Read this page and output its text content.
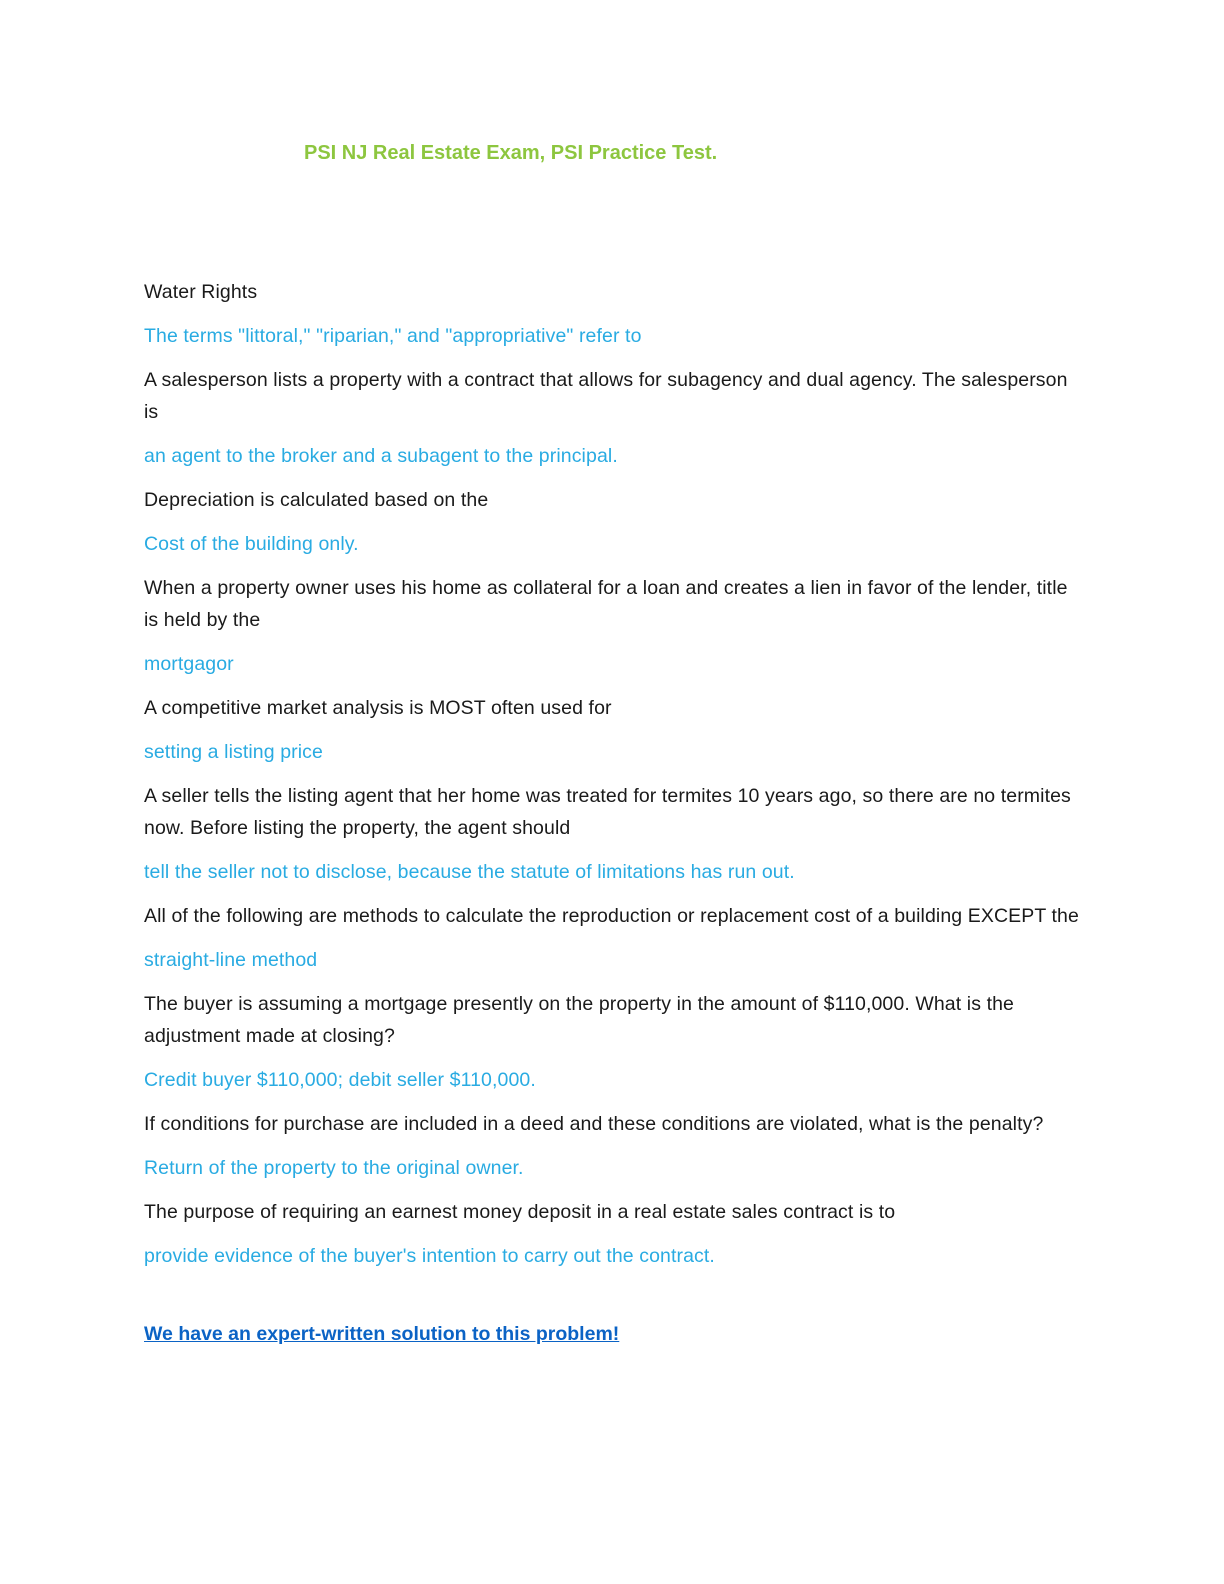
PSI NJ Real Estate Exam, PSI Practice Test.

Water Rights

The terms "littoral," "riparian," and "appropriative" refer to

A salesperson lists a property with a contract that allows for subagency and dual agency. The salesperson is

an agent to the broker and a subagent to the principal.

Depreciation is calculated based on the

Cost of the building only.

When a property owner uses his home as collateral for a loan and creates a lien in favor of the lender, title is held by the

mortgagor

A competitive market analysis is MOST often used for

setting a listing price

A seller tells the listing agent that her home was treated for termites 10 years ago, so there are no termites now. Before listing the property, the agent should

tell the seller not to disclose, because the statute of limitations has run out.

All of the following are methods to calculate the reproduction or replacement cost of a building EXCEPT the

straight-line method

The buyer is assuming a mortgage presently on the property in the amount of $110,000. What is the adjustment made at closing?

Credit buyer $110,000; debit seller $110,000.

If conditions for purchase are included in a deed and these conditions are violated, what is the penalty?

Return of the property to the original owner.

The purpose of requiring an earnest money deposit in a real estate sales contract is to

provide evidence of the buyer's intention to carry out the contract.

We have an expert-written solution to this problem!
